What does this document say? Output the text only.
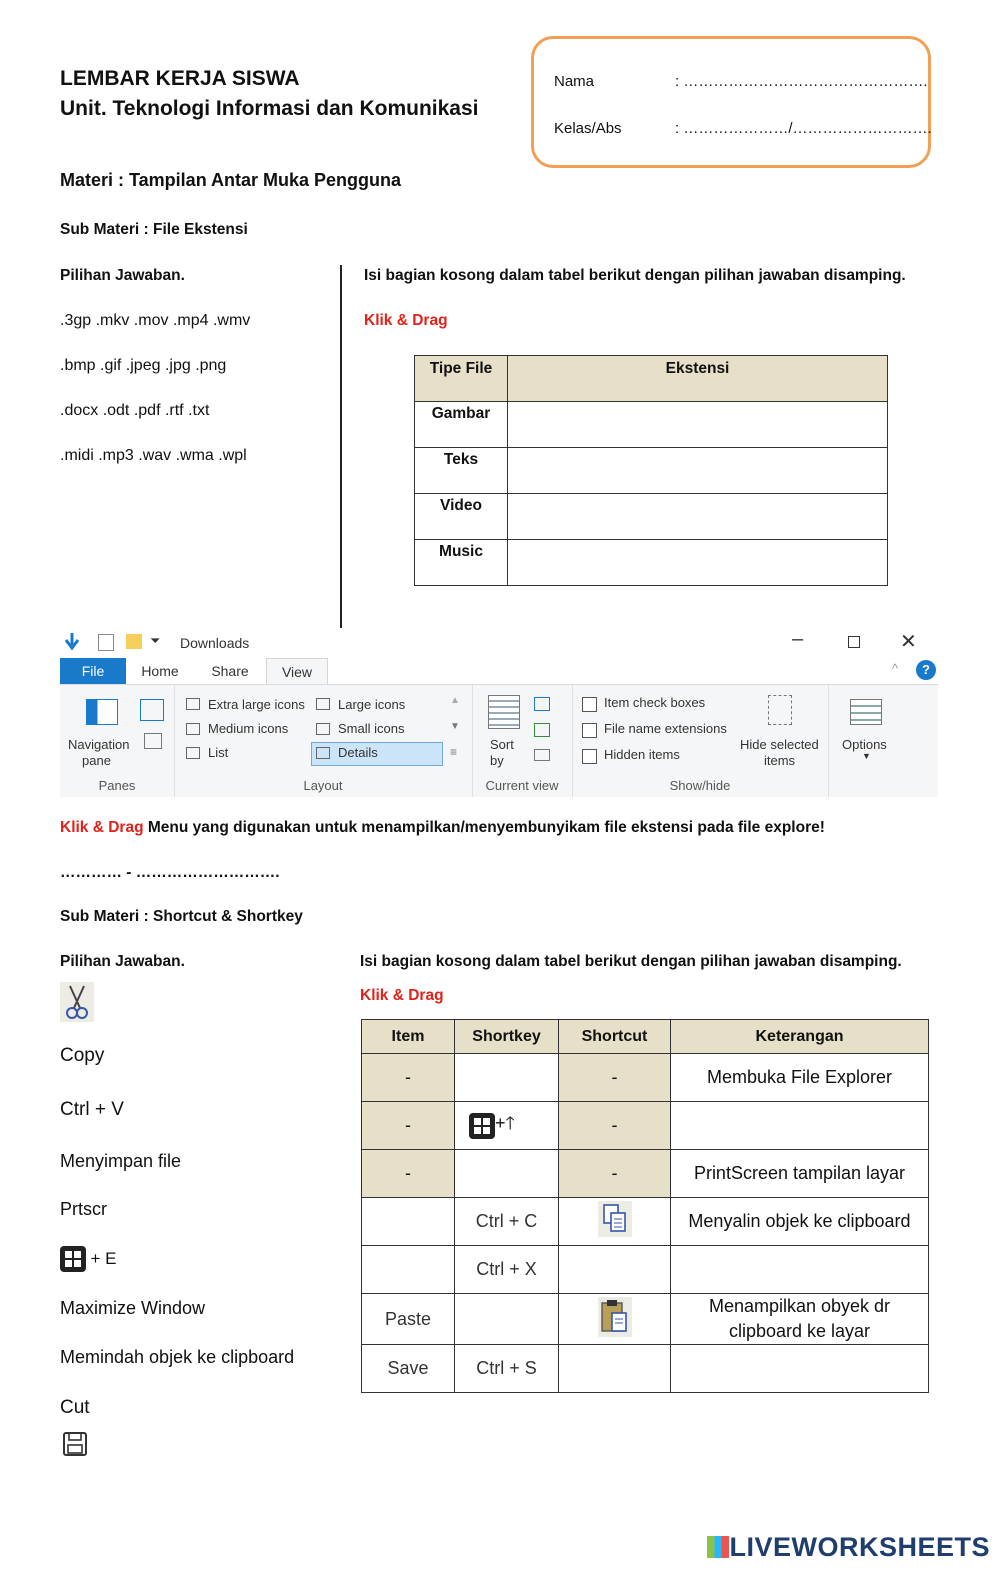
LEMBAR KERJA SISWA
Unit. Teknologi Informasi dan Komunikasi
Nama	: ………………………………………….
Kelas/Abs	: …………………/……………………….
Materi : Tampilan Antar Muka Pengguna
Sub Materi : File Ekstensi
Pilihan Jawaban.
.3gp .mkv .mov .mp4 .wmv
.bmp .gif .jpeg .jpg .png
.docx .odt .pdf .rtf .txt
.midi .mp3 .wav .wma .wpl
Isi bagian kosong dalam tabel berikut dengan pilihan jawaban disamping.
Klik & Drag
Tipe File	Ekstensi
Gambar	
Teks	
Video	
Music	
⏷ Downloads	–	✕
File	Home	Share	View	^	?
Navigation
pane
Panes
Extra large icons	Large icons
Medium icons	Small icons
List	Details
▲
▼
≡
Layout
Sort
by
Current view
Item check boxes
File name extensions
Hidden items
Hide selected
items
Show/hide
Options
▼
Klik & Drag Menu yang digunakan untuk menampilkan/menyembunyikam file ekstensi pada file explore!
………… - ……………………….
Sub Materi : Shortcut & Shortkey
Pilihan Jawaban.
Copy
Ctrl + V
Menyimpan file
Prtscr
+ E
Maximize Window
Memindah objek ke clipboard
Cut
Isi bagian kosong dalam tabel berikut dengan pilihan jawaban disamping.
Klik & Drag
Item	Shortkey	Shortcut	Keterangan
-		-	Membuka File Explorer
-	+🡑	-	
-		-	PrintScreen tampilan layar
	Ctrl + C		Menyalin objek ke clipboard
	Ctrl + X		
Paste			Menampilkan obyek dr clipboard ke layar
Save	Ctrl + S		
LIVEWORKSHEETS
